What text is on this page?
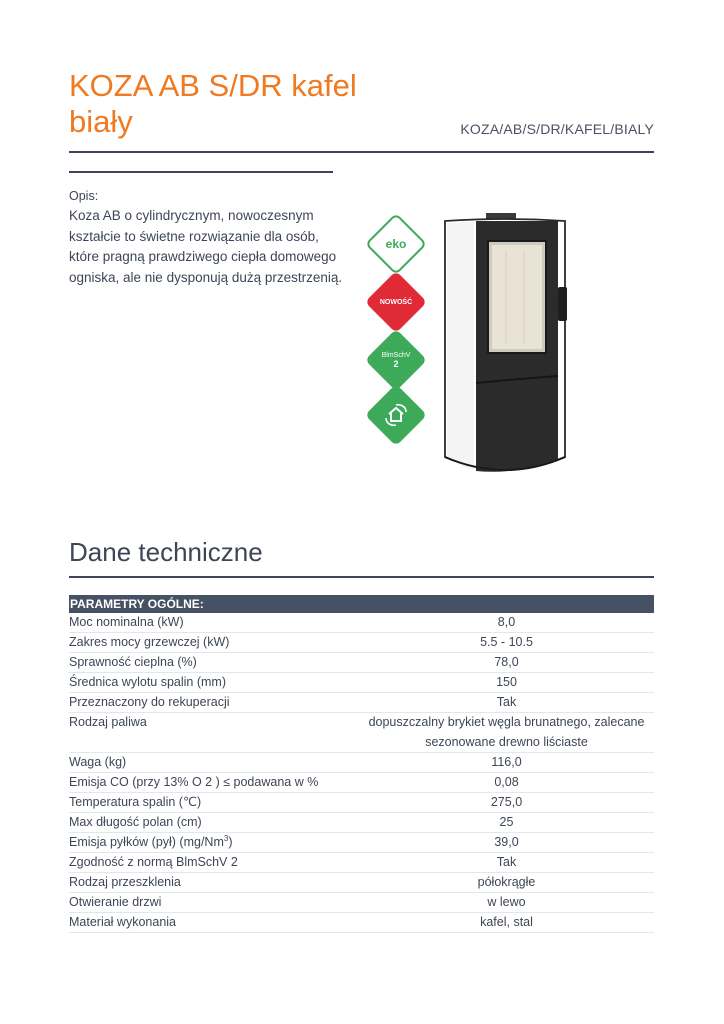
KOZA AB S/DR kafel biały	KOZA/AB/S/DR/KAFEL/BIALY
Opis:
Koza AB o cylindrycznym, nowoczesnym kształcie to świetne rozwiązanie dla osób, które pragną prawdziwego ciepła domowego ogniska, ale nie dysponują dużą przestrzenią.
eko
NOWOŚĆ
BlmSchV
2
Dane techniczne
PARAMETRY OGÓLNE:
Moc nominalna (kW)	8,0
Zakres mocy grzewczej (kW)	5.5 - 10.5
Sprawność cieplna (%)	78,0
Średnica wylotu spalin (mm)	150
Przeznaczony do rekuperacji	Tak
Rodzaj paliwa	dopuszczalny brykiet węgla brunatnego, zalecane sezonowane drewno liściaste
Waga (kg)	116,0
Emisja CO (przy 13% O 2 ) ≤ podawana w %	0,08
Temperatura spalin (℃)	275,0
Max długość polan (cm)	25
Emisja pyłków (pył) (mg/Nm$^3$)	39,0
Zgodność z normą BlmSchV 2	Tak
Rodzaj przeszklenia	półokrągłe
Otwieranie drzwi	w lewo
Materiał wykonania	kafel, stal
